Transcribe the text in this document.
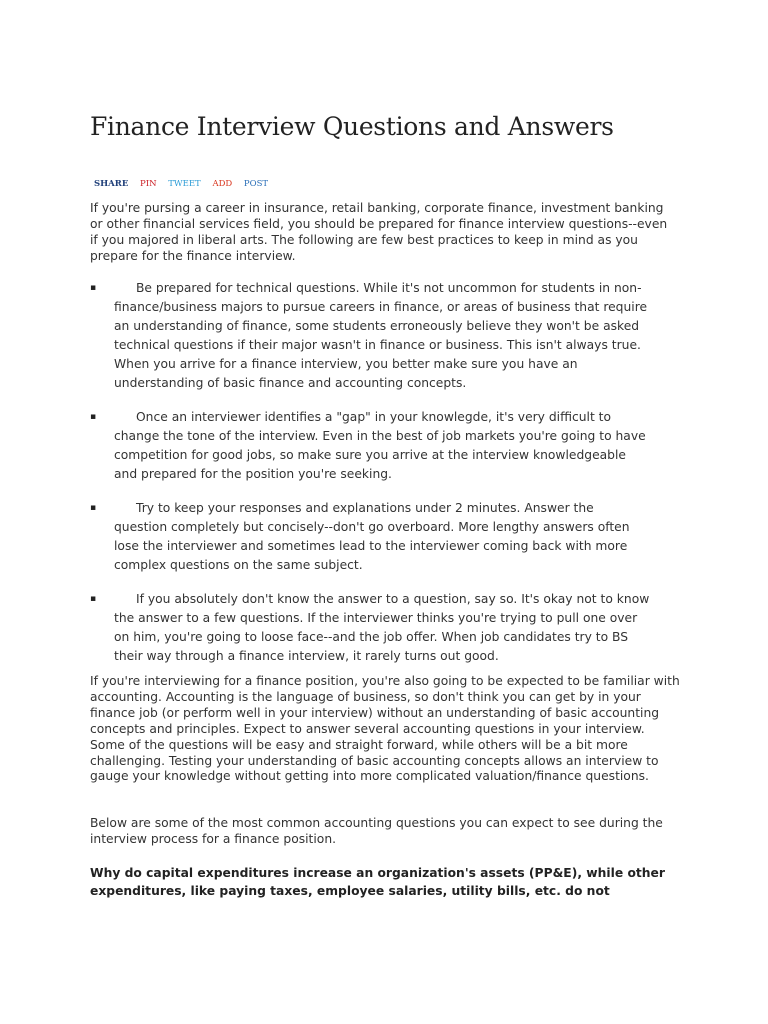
Finance Interview Questions and Answers
SHARE PIN TWEET ADD POST

If you're pursing a career in insurance, retail banking, corporate finance, investment banking or other financial services field, you should be prepared for finance interview questions--even if you majored in liberal arts. The following are few best practices to keep in mind as you prepare for the finance interview.

▪	Be prepared for technical questions. While it's not uncommon for students in non-finance/business majors to pursue careers in finance, or areas of business that require an understanding of finance, some students erroneously believe they won't be asked technical questions if their major wasn't in finance or business. This isn't always true. When you arrive for a finance interview, you better make sure you have an understanding of basic finance and accounting concepts.
▪	Once an interviewer identifies a "gap" in your knowlegde, it's very difficult to change the tone of the interview. Even in the best of job markets you're going to have competition for good jobs, so make sure you arrive at the interview knowledgeable and prepared for the position you're seeking.
▪	Try to keep your responses and explanations under 2 minutes. Answer the question completely but concisely--don't go overboard. More lengthy answers often lose the interviewer and sometimes lead to the interviewer coming back with more complex questions on the same subject.
▪	If you absolutely don't know the answer to a question, say so. It's okay not to know the answer to a few questions. If the interviewer thinks you're trying to pull one over on him, you're going to loose face--and the job offer. When job candidates try to BS their way through a finance interview, it rarely turns out good.

If you're interviewing for a finance position, you're also going to be expected to be familiar with accounting. Accounting is the language of business, so don't think you can get by in your finance job (or perform well in your interview) without an understanding of basic accounting concepts and principles. Expect to answer several accounting questions in your interview. Some of the questions will be easy and straight forward, while others will be a bit more challenging. Testing your understanding of basic accounting concepts allows an interview to gauge your knowledge without getting into more complicated valuation/finance questions.

Below are some of the most common accounting questions you can expect to see during the interview process for a finance position.

Why do capital expenditures increase an organization's assets (PP&E), while other expenditures, like paying taxes, employee salaries, utility bills, etc. do not
